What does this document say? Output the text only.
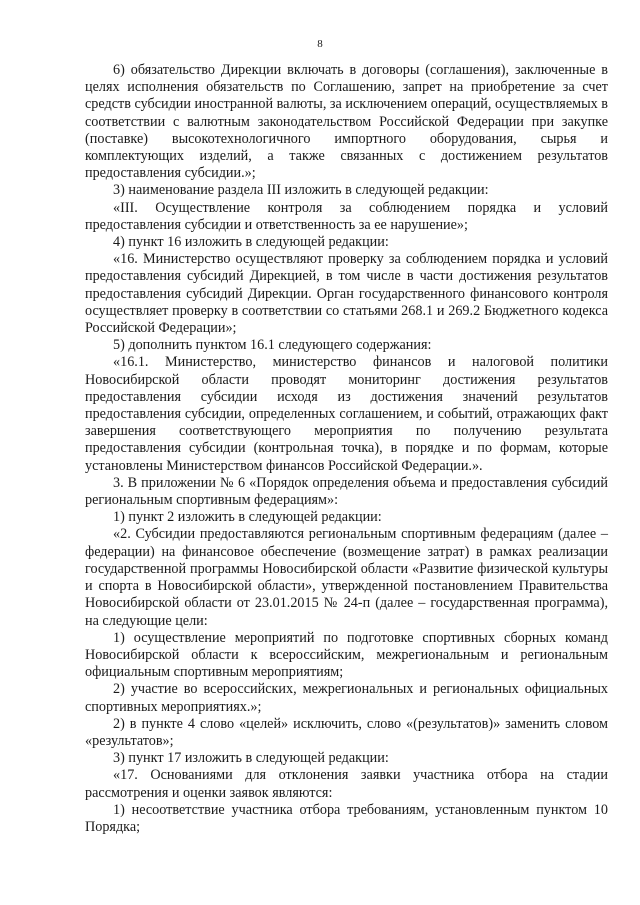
8

6) обязательство Дирекции включать в договоры (соглашения), заключенные в целях исполнения обязательств по Соглашению, запрет на приобретение за счет средств субсидии иностранной валюты, за исключением операций, осуществляемых в соответствии с валютным законодательством Российской Федерации при закупке (поставке) высокотехнологичного импортного оборудования, сырья и комплектующих изделий, а также связанных с достижением результатов предоставления субсидии.»;

3) наименование раздела III изложить в следующей редакции:

«III. Осуществление контроля за соблюдением порядка и условий предоставления субсидии и ответственность за ее нарушение»;

4) пункт 16 изложить в следующей редакции:

«16. Министерство осуществляют проверку за соблюдением порядка и условий предоставления субсидий Дирекцией, в том числе в части достижения результатов предоставления субсидий Дирекции. Орган государственного финансового контроля осуществляет проверку в соответствии со статьями 268.1 и 269.2 Бюджетного кодекса Российской Федерации»;

5) дополнить пунктом 16.1 следующего содержания:

«16.1. Министерство, министерство финансов и налоговой политики Новосибирской области проводят мониторинг достижения результатов предоставления субсидии исходя из достижения значений результатов предоставления субсидии, определенных соглашением, и событий, отражающих факт завершения соответствующего мероприятия по получению результата предоставления субсидии (контрольная точка), в порядке и по формам, которые установлены Министерством финансов Российской Федерации.».

3. В приложении № 6 «Порядок определения объема и предоставления субсидий региональным спортивным федерациям»:

1) пункт 2 изложить в следующей редакции:

«2. Субсидии предоставляются региональным спортивным федерациям (далее – федерации) на финансовое обеспечение (возмещение затрат) в рамках реализации государственной программы Новосибирской области «Развитие физической культуры и спорта в Новосибирской области», утвержденной постановлением Правительства Новосибирской области от 23.01.2015 № 24-п (далее – государственная программа), на следующие цели:

1) осуществление мероприятий по подготовке спортивных сборных команд Новосибирской области к всероссийским, межрегиональным и региональным официальным спортивным мероприятиям;

2) участие во всероссийских, межрегиональных и региональных официальных спортивных мероприятиях.»;

2) в пункте 4 слово «целей» исключить, слово «(результатов)» заменить словом «результатов»;

3) пункт 17 изложить в следующей редакции:

«17. Основаниями для отклонения заявки участника отбора на стадии рассмотрения и оценки заявок являются:

1) несоответствие участника отбора требованиям, установленным пунктом 10 Порядка;
